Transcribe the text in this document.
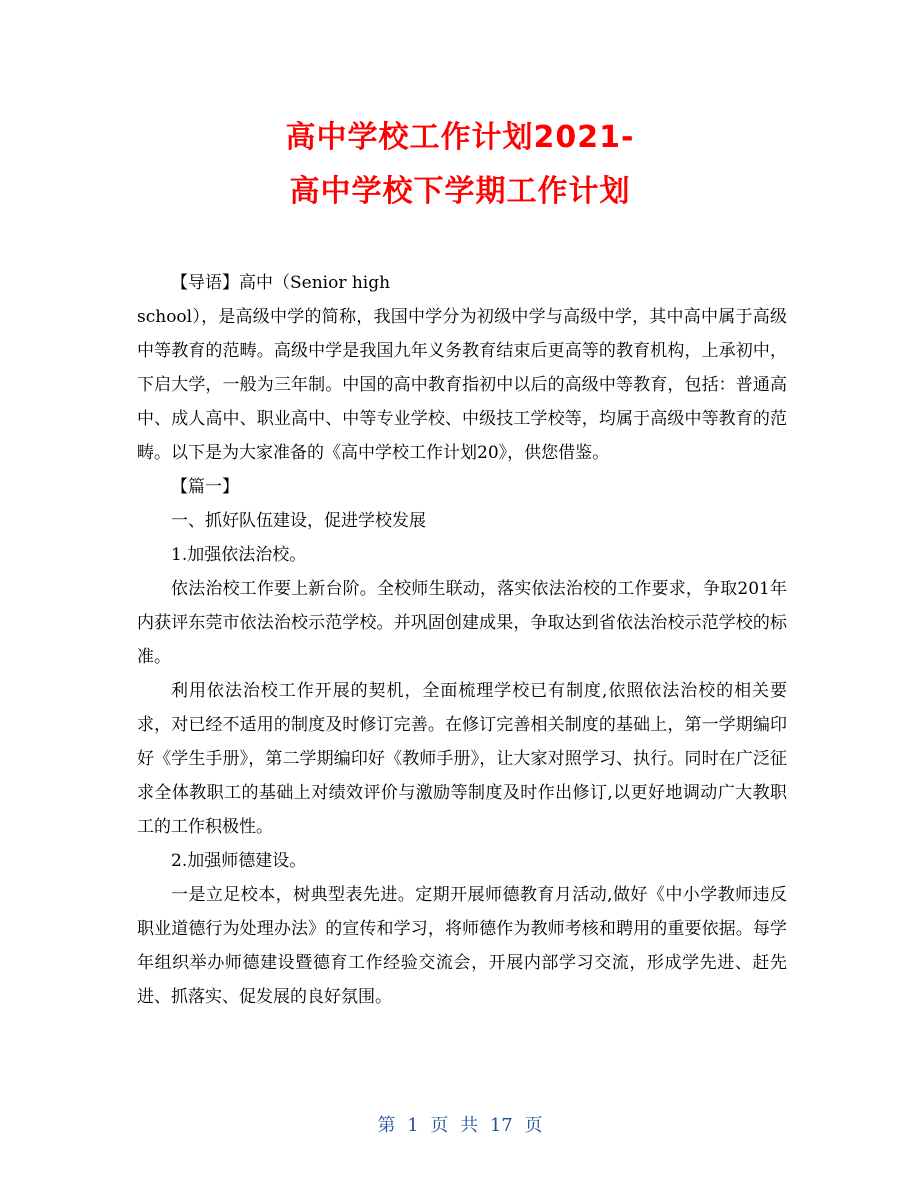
高中学校工作计划2021-
高中学校下学期工作计划

【导语】高中（Senior high

school），是高级中学的简称，我国中学分为初级中学与高级中学，其中高中属于高级中等教育的范畴。高级中学是我国九年义务教育结束后更高等的教育机构，上承初中，下启大学，一般为三年制。中国的高中教育指初中以后的高级中等教育，包括：普通高中、成人高中、职业高中、中等专业学校、中级技工学校等，均属于高级中等教育的范畴。以下是为大家准备的《高中学校工作计划20》，供您借鉴。

【篇一】

一、抓好队伍建设，促进学校发展

1.加强依法治校。

依法治校工作要上新台阶。全校师生联动，落实依法治校的工作要求，争取201年内获评东莞市依法治校示范学校。并巩固创建成果，争取达到省依法治校示范学校的标准。

利用依法治校工作开展的契机，全面梳理学校已有制度,依照依法治校的相关要求，对已经不适用的制度及时修订完善。在修订完善相关制度的基础上，第一学期编印好《学生手册》，第二学期编印好《教师手册》，让大家对照学习、执行。同时在广泛征求全体教职工的基础上对绩效评价与激励等制度及时作出修订,以更好地调动广大教职工的工作积极性。

2.加强师德建设。

一是立足校本，树典型表先进。定期开展师德教育月活动,做好《中小学教师违反职业道德行为处理办法》的宣传和学习，将师德作为教师考核和聘用的重要依据。每学年组织举办师德建设暨德育工作经验交流会，开展内部学习交流，形成学先进、赶先进、抓落实、促发展的良好氛围。

第 1 页 共 17 页
